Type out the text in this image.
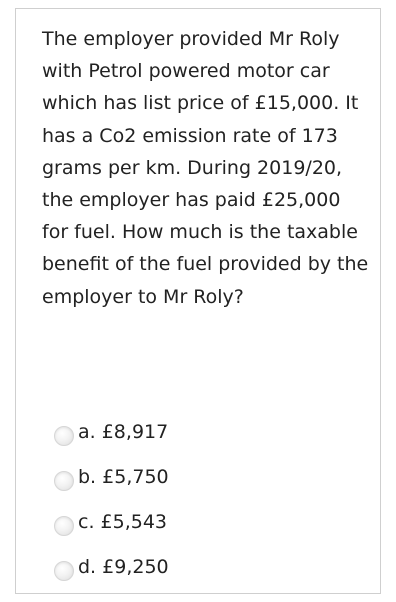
The employer provided Mr Roly with Petrol powered motor car which has list price of £15,000. It has a Co2 emission rate of 173 grams per km. During 2019/20, the employer has paid £25,000 for fuel. How much is the taxable benefit of the fuel provided by the employer to Mr Roly?

a. £8,917
b. £5,750
c. £5,543
d. £9,250
